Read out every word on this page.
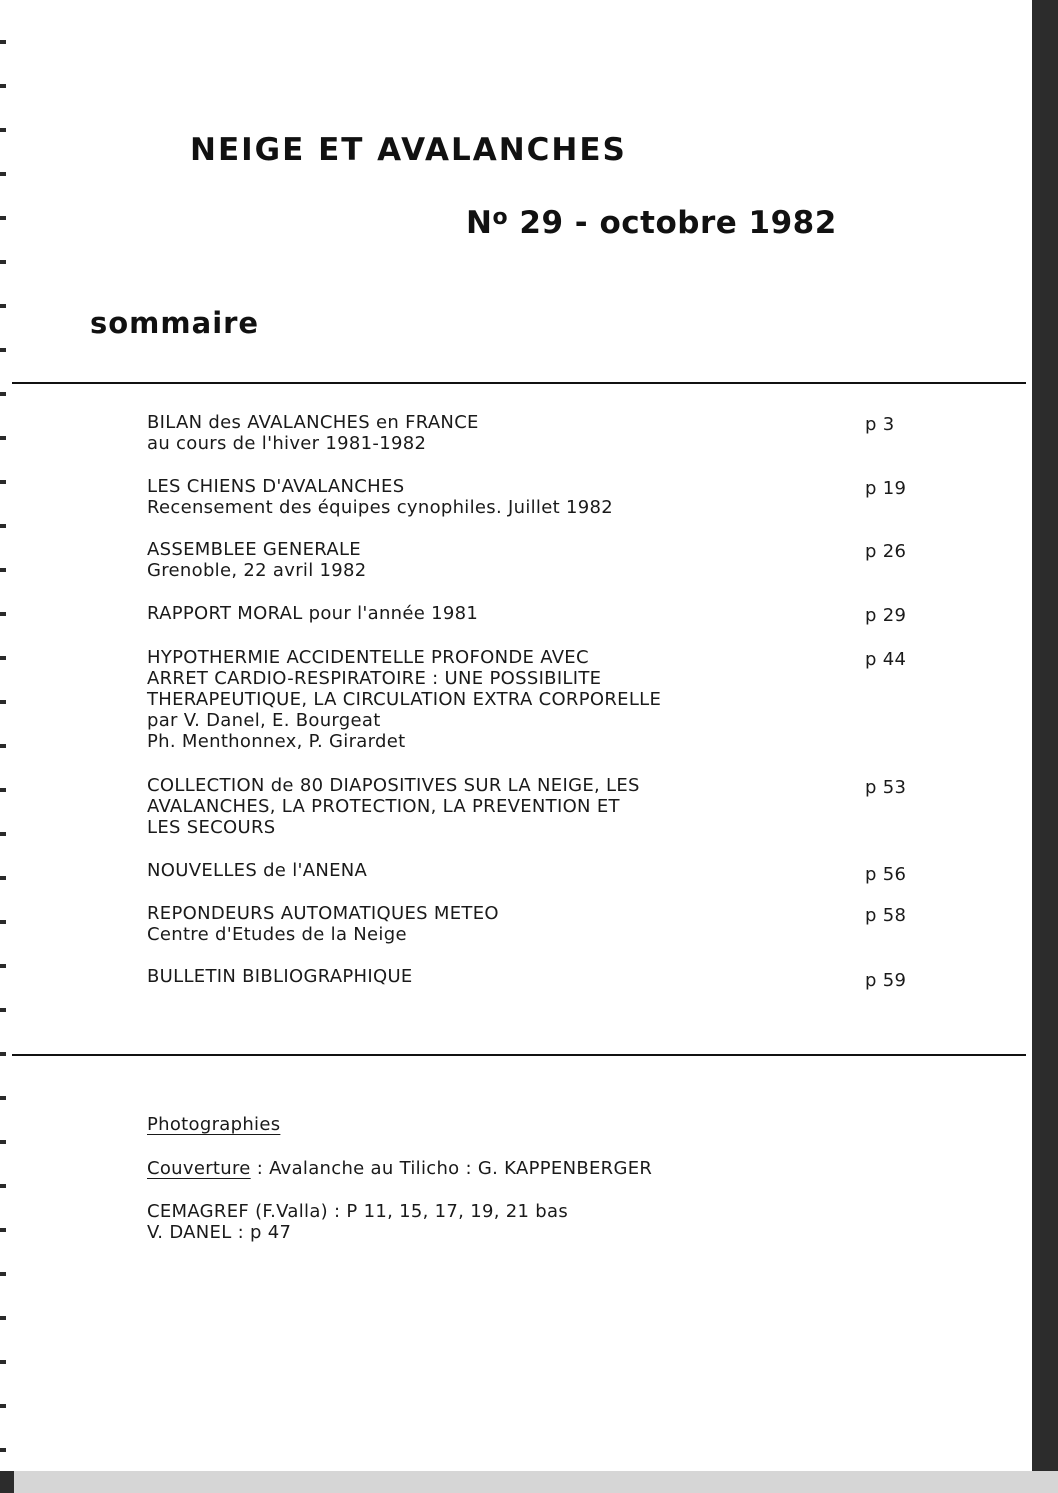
NEIGE ET AVALANCHES
$N^o$ 29 - octobre 1982
sommaire
BILAN des AVALANCHES en FRANCE
au cours de l'hiver 1981-1982
p 3
LES CHIENS D'AVALANCHES
Recensement des équipes cynophiles. Juillet 1982
p 19
ASSEMBLEE GENERALE
Grenoble, 22 avril 1982
p 26
RAPPORT MORAL pour l'année 1981	p 29
HYPOTHERMIE ACCIDENTELLE PROFONDE AVEC
ARRET CARDIO-RESPIRATOIRE : UNE POSSIBILITE
THERAPEUTIQUE, LA CIRCULATION EXTRA CORPORELLE
par V. Danel, E. Bourgeat
Ph. Menthonnex, P. Girardet
p 44
COLLECTION de 80 DIAPOSITIVES SUR LA NEIGE, LES
AVALANCHES, LA PROTECTION, LA PREVENTION ET
LES SECOURS
p 53
NOUVELLES de l'ANENA	p 56
REPONDEURS AUTOMATIQUES METEO
Centre d'Etudes de la Neige
p 58
BULLETIN BIBLIOGRAPHIQUE	p 59
Photographies
Couverture : Avalanche au Tilicho : G. KAPPENBERGER
CEMAGREF (F.Valla) : P 11, 15, 17, 19, 21 bas
V. DANEL : p 47
